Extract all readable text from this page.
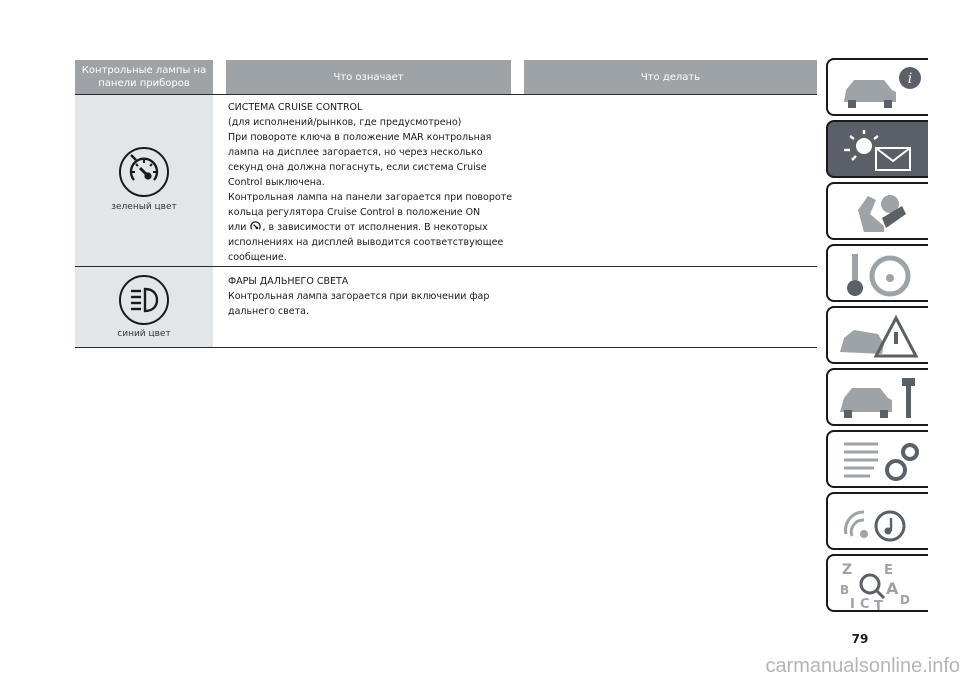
Контрольные лампы на панели приборов
Что означает	Что делать
зеленый цвет

СИСТЕМА CRUISE CONTROL

(для исполнений/рынков, где предусмотрено)

При повороте ключа в положение MAR контрольная

лампа на дисплее загорается, но через несколько

секунд она должна погаснуть, если система Cruise

Control выключена.

Контрольная лампа на панели загорается при повороте

кольца регулятора Cruise Control в положение ON

или , в зависимости от исполнения. В некоторых

исполнениях на дисплей выводится соответствующее

сообщение.

синий цвет

ФАРЫ ДАЛЬНЕГО СВЕТА

Контрольная лампа загорается при включении фар

дальнего света.

i
Z E
B A
I C T D
79
carmanualsonline.info
